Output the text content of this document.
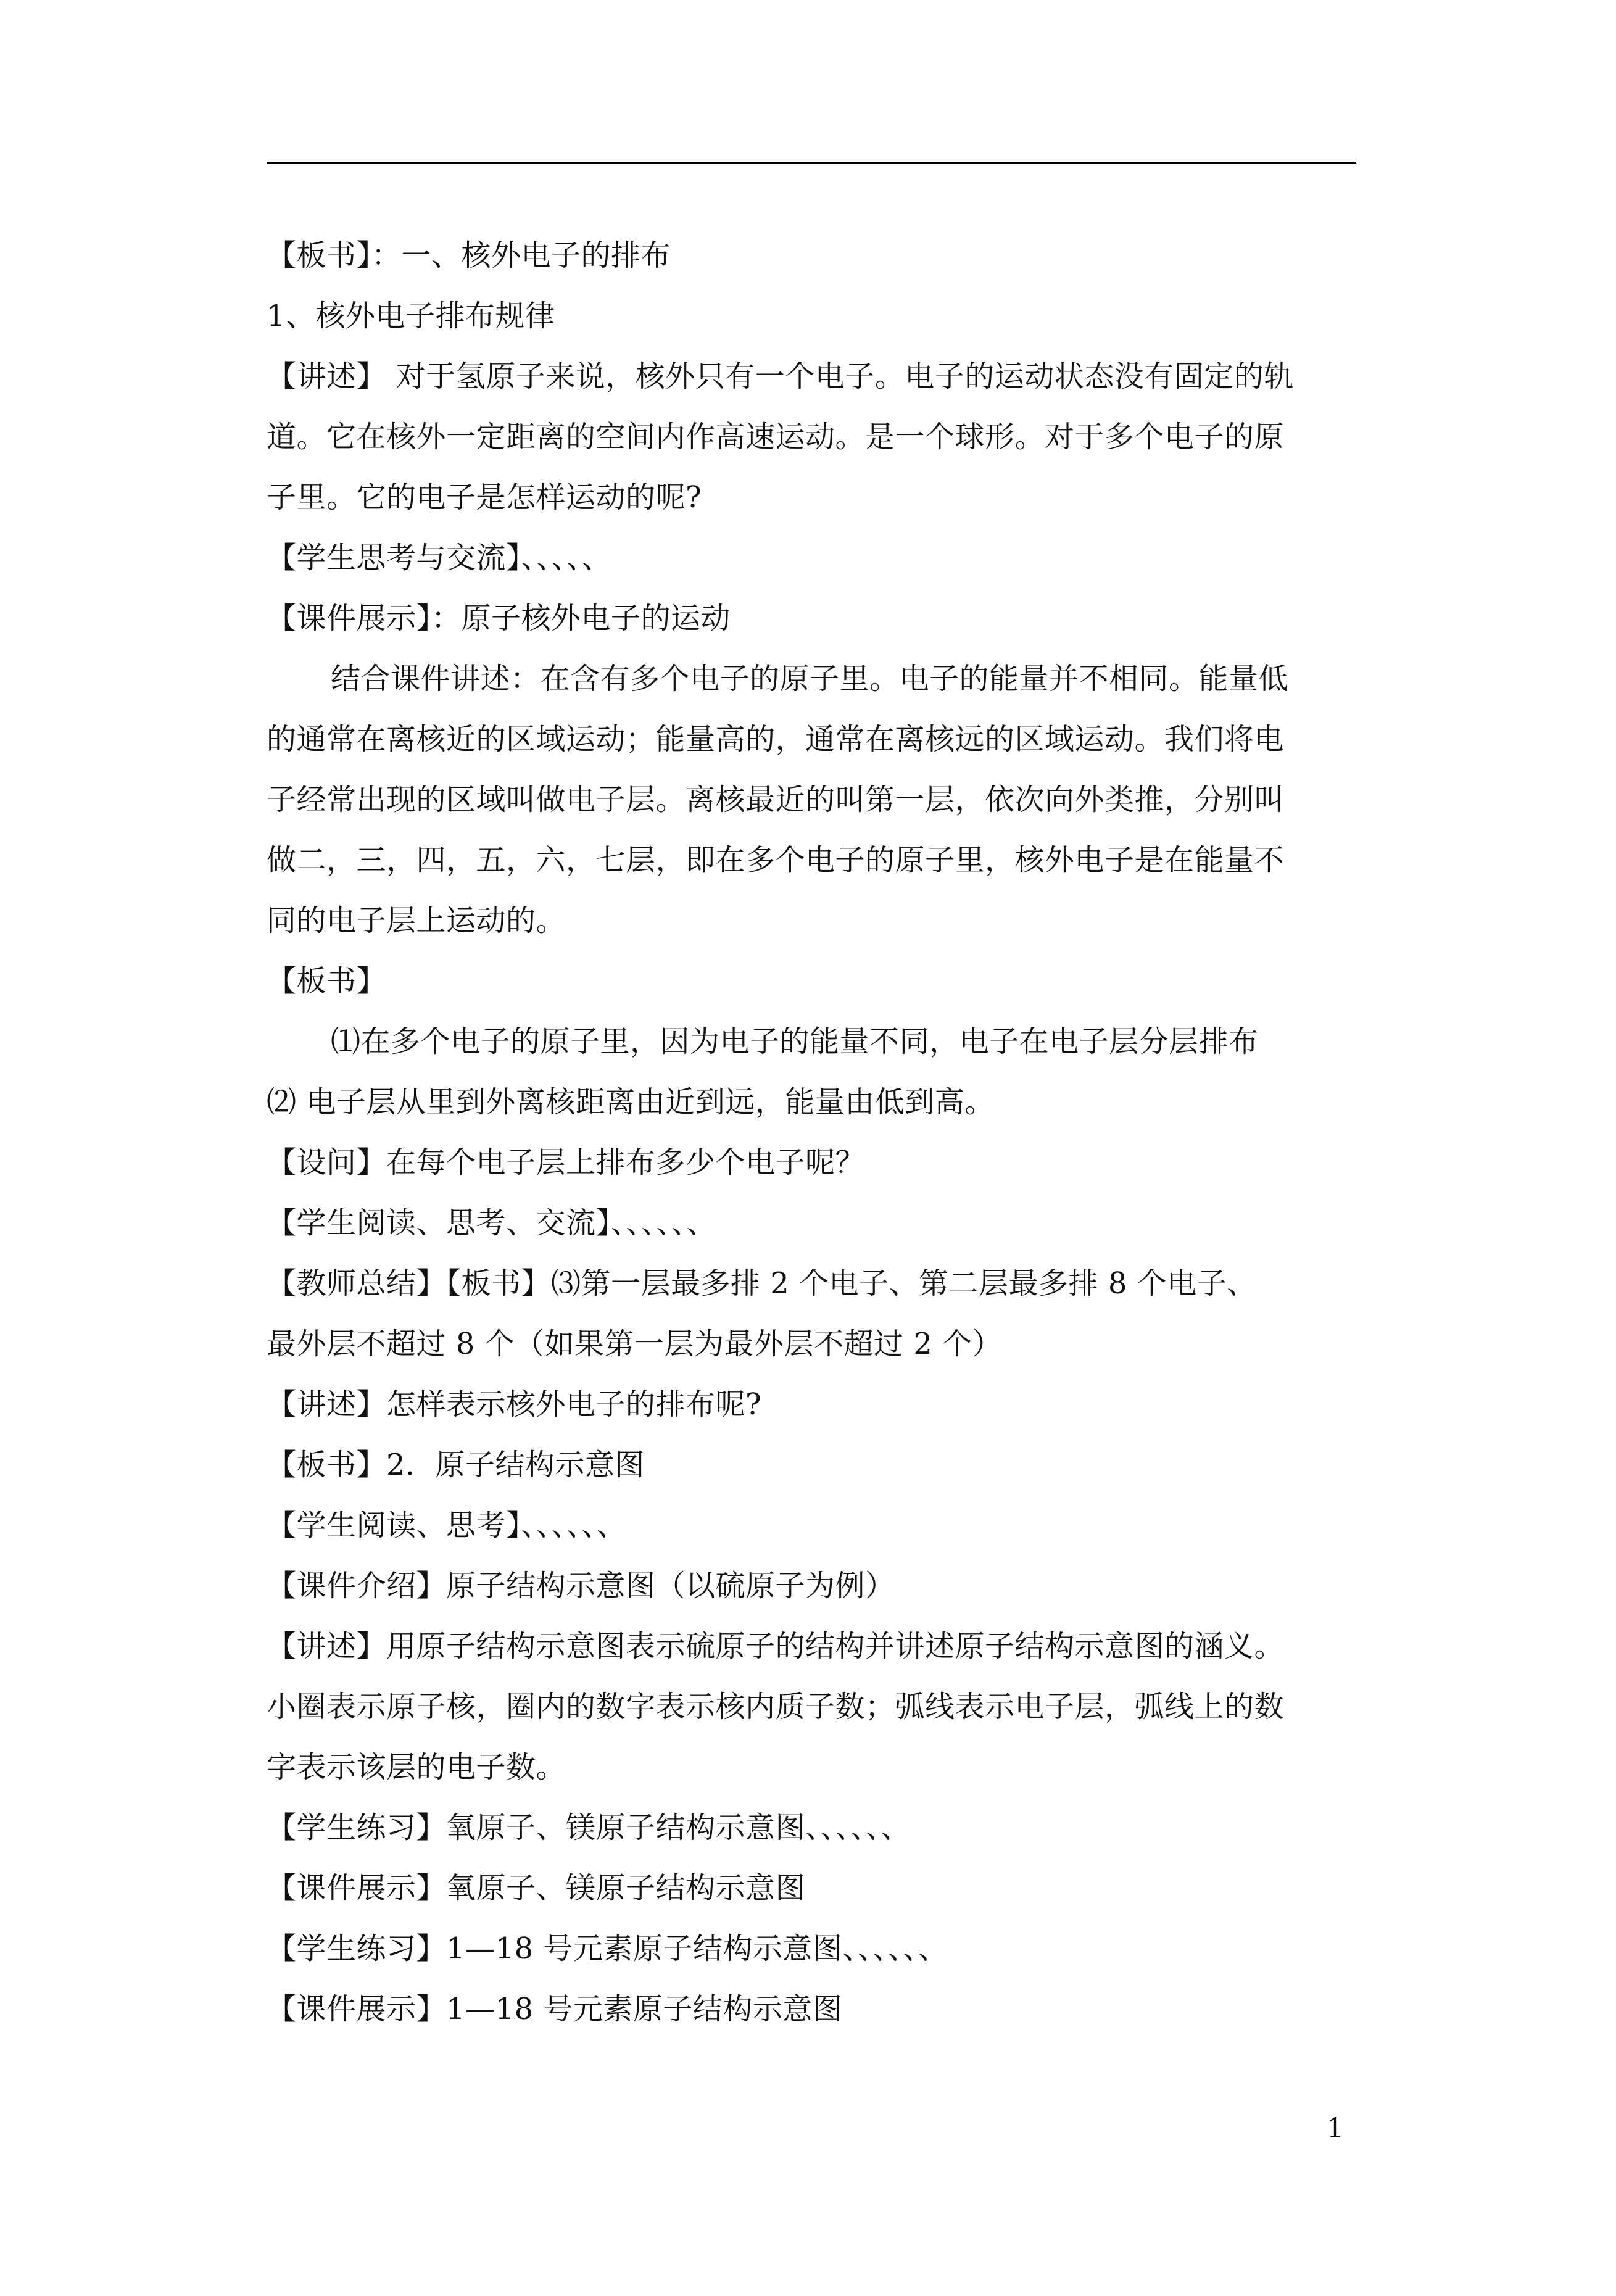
【板书】：一、核外电子的排布
1、核外电子排布规律
【讲述】 对于氢原子来说，核外只有一个电子。电子的运动状态没有固定的轨
道。它在核外一定距离的空间内作高速运动。是一个球形。对于多个电子的原
子里。它的电子是怎样运动的呢?
【学生思考与交流】、、、、、
【课件展示】：原子核外电子的运动
结合课件讲述：在含有多个电子的原子里。电子的能量并不相同。能量低
的通常在离核近的区域运动；能量高的，通常在离核远的区域运动。我们将电
子经常出现的区域叫做电子层。离核最近的叫第一层，依次向外类推，分别叫
做二，三，四，五，六，七层，即在多个电子的原子里，核外电子是在能量不
同的电子层上运动的。
【板书】
⑴在多个电子的原子里，因为电子的能量不同，电子在电子层分层排布
⑵ 电子层从里到外离核距离由近到远，能量由低到高。
【设问】在每个电子层上排布多少个电子呢？
【学生阅读、思考、交流】、、、、、、
【教师总结】【板书】⑶第一层最多排 2 个电子、第二层最多排 8 个电子、
最外层不超过 8 个（如果第一层为最外层不超过 2 个）
【讲述】怎样表示核外电子的排布呢?
【板书】2．原子结构示意图
【学生阅读、思考】、、、、、、
【课件介绍】原子结构示意图（以硫原子为例）
【讲述】用原子结构示意图表示硫原子的结构并讲述原子结构示意图的涵义。
小圈表示原子核，圈内的数字表示核内质子数；弧线表示电子层，弧线上的数
字表示该层的电子数。
【学生练习】氧原子、镁原子结构示意图、、、、、、
【课件展示】氧原子、镁原子结构示意图
【学生练习】1—18 号元素原子结构示意图、、、、、、
【课件展示】1—18 号元素原子结构示意图
1
